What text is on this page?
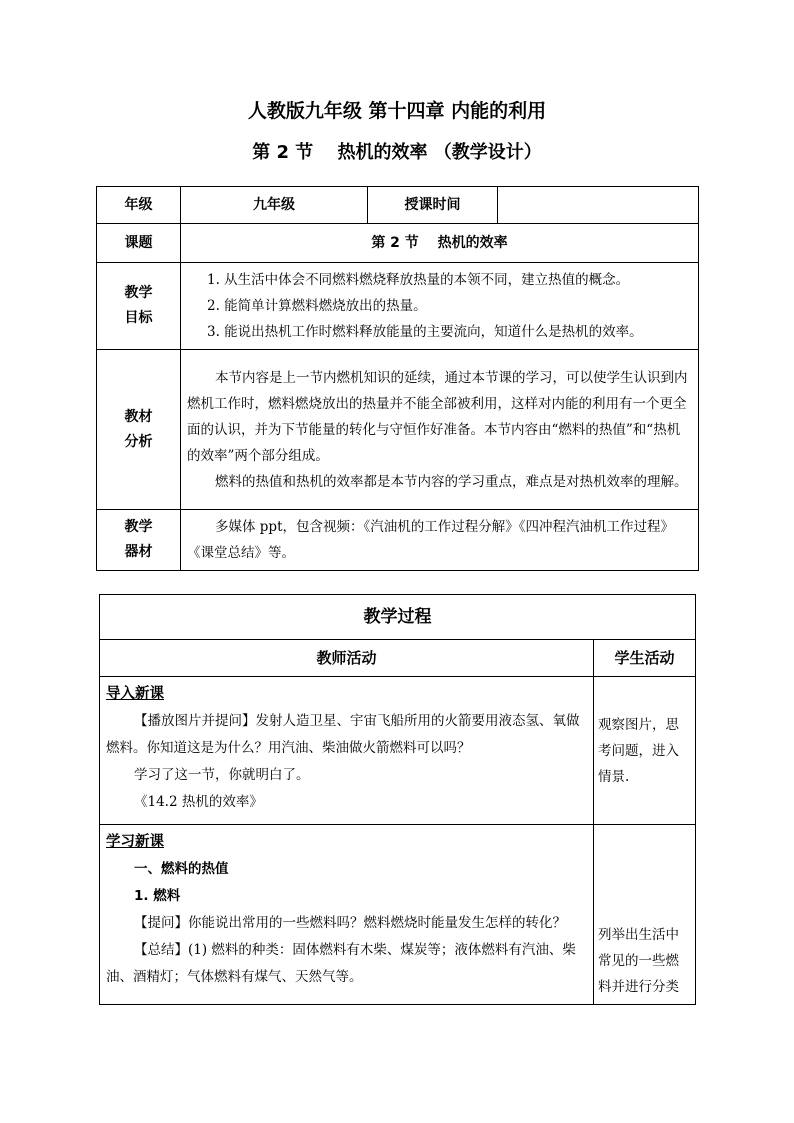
人教版九年级 第十四章 内能的利用
第 2 节　 热机的效率 （教学设计）
年级	九年级	授课时间	
课题	第 2 节　 热机的效率		
教学目标	1. 从生活中体会不同燃料燃烧释放热量的本领不同，建立热值的概念。
2. 能简单计算燃料燃烧放出的热量。
3. 能说出热机工作时燃料释放能量的主要流向，知道什么是热机的效率。		

教材分析	本节内容是上一节内燃机知识的延续，通过本节课的学习，可以使学生认识到内燃机工作时，燃料燃烧放出的热量并不能全部被利用，这样对内能的利用有一个更全面的认识，并为下节能量的转化与守恒作好准备。本节内容由“燃料的热值”和“热机的效率”两个部分组成。
燃料的热值和热机的效率都是本节内容的学习重点，难点是对热机效率的理解。		

教学器材	多媒体 ppt，包含视频：《汽油机的工作过程分解》《四冲程汽油机工作过程》《课堂总结》等。		
教学过程	
教师活动	学生活动

导入新课

【播放图片并提问】发射人造卫星、宇宙飞船所用的火箭要用液态氢、氧做燃料。你知道这是为什么？用汽油、柴油做火箭燃料可以吗？

学习了这一节，你就明白了。

《14.2 热机的效率》	观察图片，思考问题，进入情景.

学习新课

一、燃料的热值

1. 燃料

【提问】你能说出常用的一些燃料吗？燃料燃烧时能量发生怎样的转化？

【总结】(1) 燃料的种类：固体燃料有木柴、煤炭等；液体燃料有汽油、柴油、酒精灯；气体燃料有煤气、天然气等。	列举出生活中常见的一些燃料并进行分类
